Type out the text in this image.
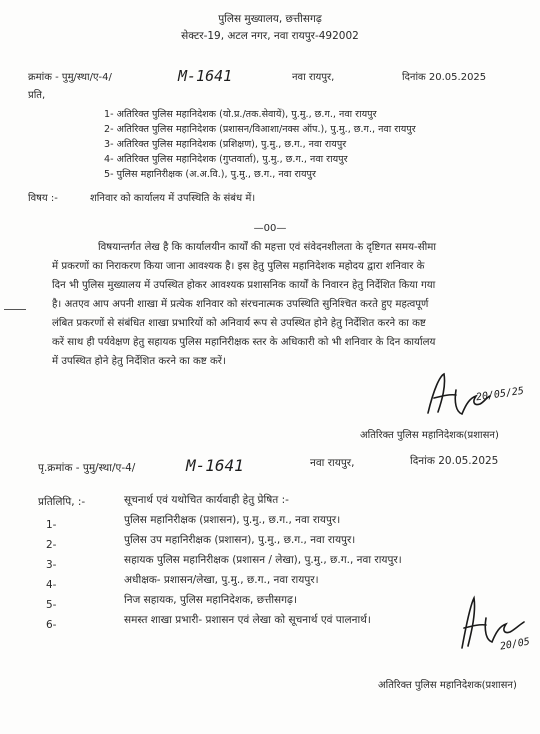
पुलिस मुख्यालय, छत्तीसगढ़
सेक्टर-19, अटल नगर, नवा रायपुर-492002
क्रमांक - पुमु/स्था/ए-4/	M-1641	नवा रायपुर,	दिनांक 20.05.2025
प्रति,
1- अतिरिक्त पुलिस महानिदेशक (यो.प्र./तक.सेवायें), पु.मु., छ.ग., नवा रायपुर
2- अतिरिक्त पुलिस महानिदेशक (प्रशासन/विआशा/नक्स ऑप.), पु.मु., छ.ग., नवा रायपुर
3- अतिरिक्त पुलिस महानिदेशक (प्रशिक्षण), पु.मु., छ.ग., नवा रायपुर
4- अतिरिक्त पुलिस महानिदेशक (गुप्तवार्ता), पु.मु., छ.ग., नवा रायपुर
5- पुलिस महानिरीक्षक (अ.अ.वि.), पु.मु., छ.ग., नवा रायपुर
विषय :-	शनिवार को कार्यालय में उपस्थिति के संबंध में।
—00—
विषयान्तर्गत लेख है कि कार्यालयीन कार्यों की महत्ता एवं संवेदनशीलता के दृष्टिगत समय-सीमा
में प्रकरणों का निराकरण किया जाना आवश्यक है। इस हेतु पुलिस महानिदेशक महोदय द्वारा शनिवार के
दिन भी पुलिस मुख्यालय में उपस्थित होकर आवश्यक प्रशासनिक कार्यों के निवारन हेतु निर्देशित किया गया
है। अतएव आप अपनी शाखा में प्रत्येक शनिवार को संरचनात्मक उपस्थिति सुनिश्चित करते हुए महत्वपूर्ण
लंबित प्रकरणों से संबंधित शाखा प्रभारियों को अनिवार्य रूप से उपस्थित होने हेतु निर्देशित करने का कष्ट
करें साथ ही पर्यवेक्षण हेतु सहायक पुलिस महानिरीक्षक स्तर के अधिकारी को भी शनिवार के दिन कार्यालय
में उपस्थित होने हेतु निर्देशित करने का कष्ट करें।
20/05/25
अतिरिक्त पुलिस महानिदेशक(प्रशासन)
पृ.क्रमांक - पुमु/स्था/ए-4/	M-1641	नवा रायपुर,	दिनांक 20.05.2025
प्रतिलिपि, :-	सूचनार्थ एवं यथोचित कार्यवाही हेतु प्रेषित :-
1-	पुलिस महानिरीक्षक (प्रशासन), पु.मु., छ.ग., नवा रायपुर।
2-	पुलिस उप महानिरीक्षक (प्रशासन), पु.मु., छ.ग., नवा रायपुर।
3-	सहायक पुलिस महानिरीक्षक (प्रशासन / लेखा), पु.मु., छ.ग., नवा रायपुर।
4-	अधीक्षक- प्रशासन/लेखा, पु.मु., छ.ग., नवा रायपुर।
5-	निज सहायक, पुलिस महानिदेशक, छत्तीसगढ़।
6-	समस्त शाखा प्रभारी- प्रशासन एवं लेखा को सूचनार्थ एवं पालनार्थ।
20/05
अतिरिक्त पुलिस महानिदेशक(प्रशासन)
